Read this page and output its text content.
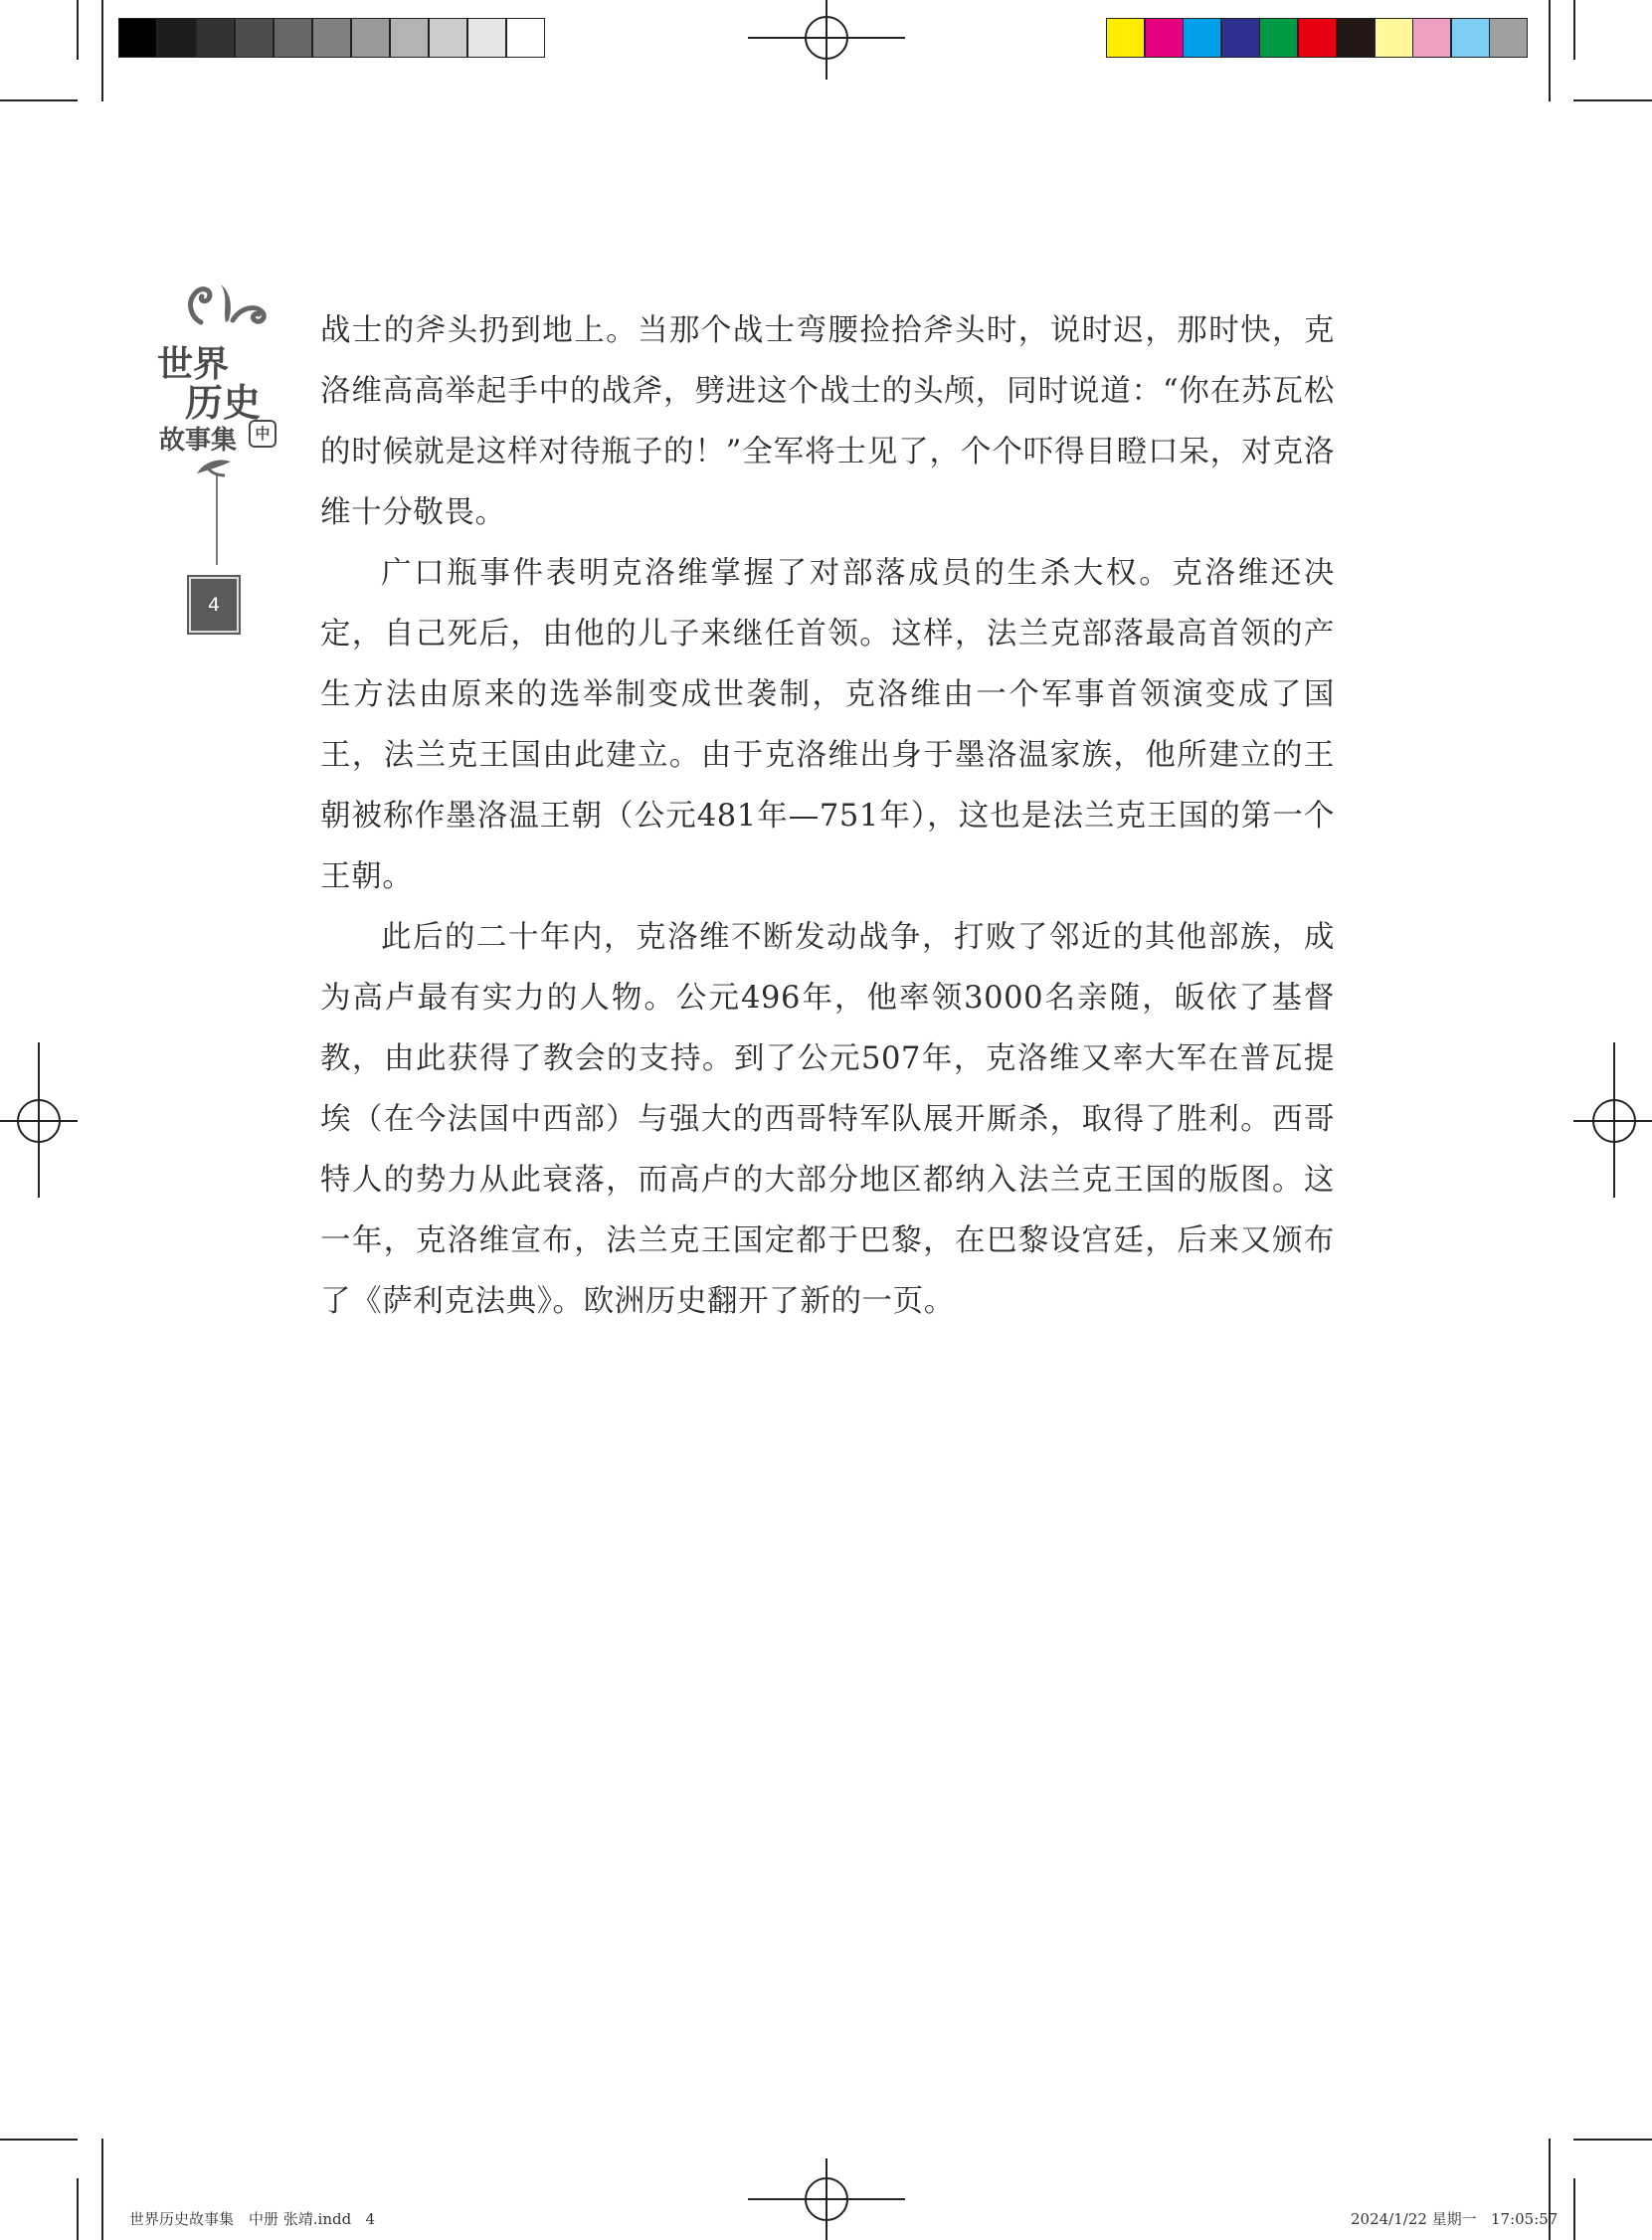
世界
历史
故事集	中
4

战士的斧头扔到地上。当那个战士弯腰捡拾斧头时，说时迟，那时快，克洛维高高举起手中的战斧，劈进这个战士的头颅，同时说道：“你在苏瓦松的时候就是这样对待瓶子的！”全军将士见了，个个吓得目瞪口呆，对克洛维十分敬畏。

广口瓶事件表明克洛维掌握了对部落成员的生杀大权。克洛维还决定，自己死后，由他的儿子来继任首领。这样，法兰克部落最高首领的产生方法由原来的选举制变成世袭制，克洛维由一个军事首领演变成了国王，法兰克王国由此建立。由于克洛维出身于墨洛温家族，他所建立的王朝被称作墨洛温王朝（公元481年—751年），这也是法兰克王国的第一个王朝。

此后的二十年内，克洛维不断发动战争，打败了邻近的其他部族，成为高卢最有实力的人物。公元496年，他率领3000名亲随，皈依了基督教，由此获得了教会的支持。到了公元507年，克洛维又率大军在普瓦提埃（在今法国中西部）与强大的西哥特军队展开厮杀，取得了胜利。西哥特人的势力从此衰落，而高卢的大部分地区都纳入法兰克王国的版图。这一年，克洛维宣布，法兰克王国定都于巴黎，在巴黎设宫廷，后来又颁布了《萨利克法典》。欧洲历史翻开了新的一页。

世界历史故事集　中册 张靖.indd   4	2024/1/22 星期一   17:05:57
